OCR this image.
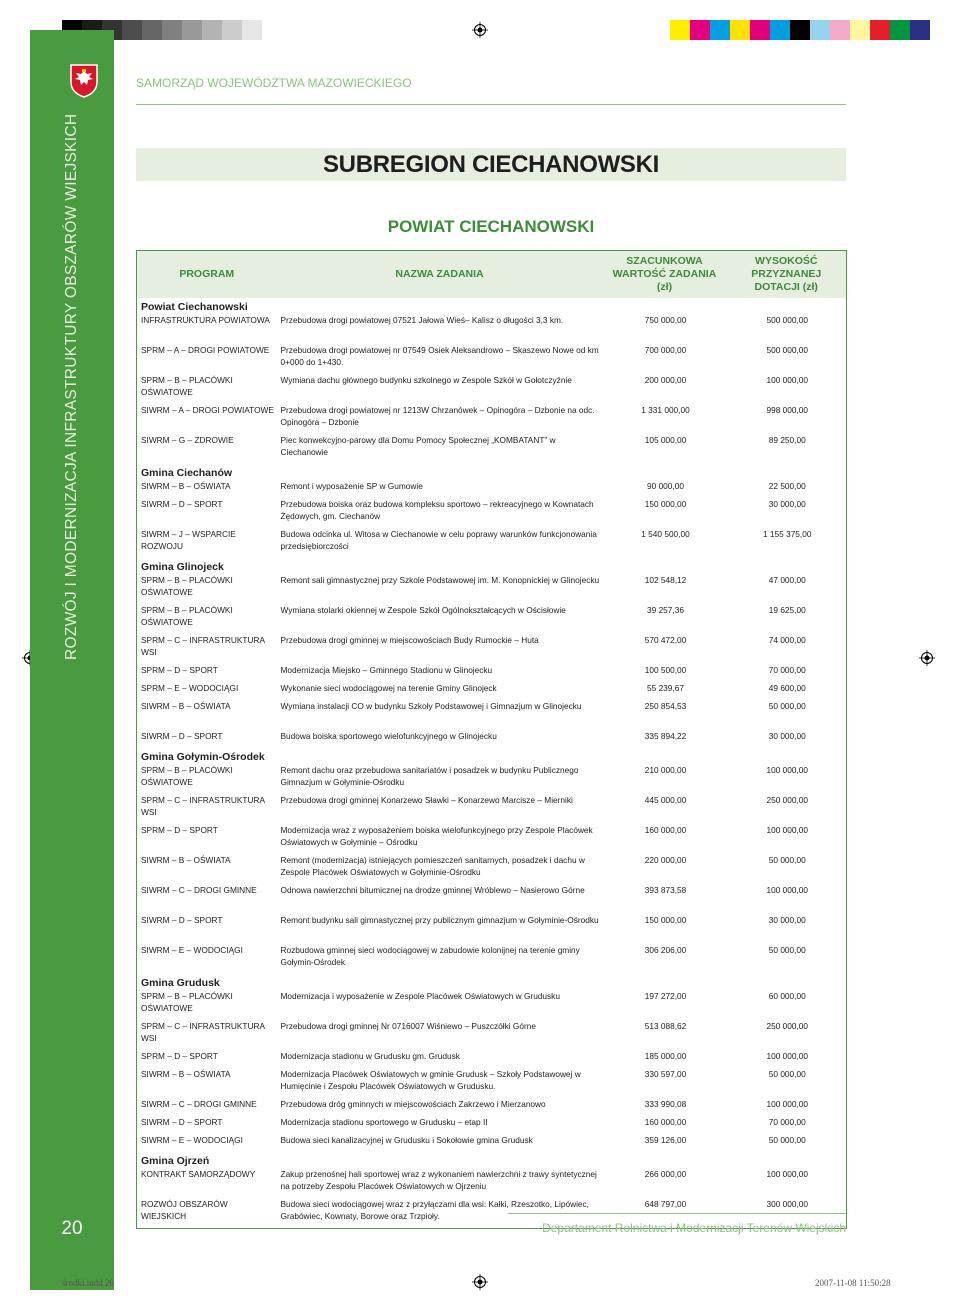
ROZWÓJ I MODERNIZACJA INFRASTRUKTURY OBSZARÓW WIEJSKICH
20
SAMORZĄD WOJEWÓDZTWA MAZOWIECKIEGO
SUBREGION CIECHANOWSKI
POWIAT CIECHANOWSKI
PROGRAM	NAZWA ZADANIA	SZACUNKOWA WARTOŚĆ ZADANIA (zł)	WYSOKOŚĆ PRZYZNANEJ DOTACJI (zł)
Powiat Ciechanowski			
INFRASTRUKTURA POWIATOWA	Przebudowa drogi powiatowej 07521 Jałowa Wieś– Kalisz o długości 3,3 km.	750 000,00	500 000,00
SPRM – A – DROGI POWIATOWE	Przebudowa drogi powiatowej nr 07549 Osiek Aleksandrowo – Skaszewo Nowe od km 0+000 do 1+430.	700 000,00	500 000,00
SPRM – B – PLACÓWKI OŚWIATOWE	Wymiana dachu głównego budynku szkolnego w Zespole Szkół w Gołotczyźnie	200 000,00	100 000,00
SIWRM – A – DROGI POWIATOWE	Przebudowa drogi powiatowej nr 1213W Chrzanówek – Opinogóra – Dzbonie na odc. Opinogóra – Dzbonie	1 331 000,00	998 000,00
SIWRM – G – ZDROWIE	Piec konwekcyjno-parowy dla Domu Pomocy Społecznej „KOMBATANT” w Ciechanowie	105 000,00	89 250,00
Gmina Ciechanów			
SIWRM – B – OŚWIATA	Remont i wyposażenie SP w Gumowie	90 000,00	22 500,00
SIWRM – D – SPORT	Przebudowa boiska oraz budowa kompleksu sportowo – rekreacyjnego w Kownatach Żędowych, gm. Ciechanów	150 000,00	30 000,00
SIWRM – J – WSPARCIE ROZWOJU	Budowa odcinka ul. Witosa w Ciechanowie w celu poprawy warunków funkcjonowania przedsiębiorczości	1 540 500,00	1 155 375,00
Gmina Glinojeck			
SPRM – B – PLACÓWKI OŚWIATOWE	Remont sali gimnastycznej przy Szkole Podstawowej im. M. Konopnickiej w Glinojecku	102 548,12	47 000,00
SPRM – B – PLACÓWKI OŚWIATOWE	Wymiana stolarki okiennej w Zespole Szkół Ogólnokształcących w Ościsłowie	39 257,36	19 625,00
SPRM – C – INFRASTRUKTURA WSI	Przebudowa drogi gminnej w miejscowościach Budy Rumockie – Huta	570 472,00	74 000,00
SPRM – D – SPORT	Modernizacja Miejsko – Gminnego Stadionu w Glinojecku	100 500,00	70 000,00
SPRM – E – WODOCIĄGI	Wykonanie sieci wodociągowej na terenie Gminy Glinojeck	55 239,67	49 600,00
SIWRM – B – OŚWIATA	Wymiana instalacji CO w budynku Szkoły Podstawowej i Gimnazjum w Glinojecku	250 854,53	50 000,00
SIWRM – D – SPORT	Budowa boiska sportowego wielofunkcyjnego w Glinojecku	335 894,22	30 000,00
Gmina Gołymin-Ośrodek			
SPRM – B – PLACÓWKI OŚWIATOWE	Remont dachu oraz przebudowa sanitariatów i posadzek w budynku Publicznego Gimnazjum w Gołyminie-Ośrodku	210 000,00	100 000,00
SPRM – C – INFRASTRUKTURA WSI	Przebudowa drogi gminnej Konarzewo Sławki – Konarzewo Marcisze – Mierniki	445 000,00	250 000,00
SPRM – D – SPORT	Modernizacja wraz z wyposażeniem boiska wielofunkcyjnego przy Zespole Placówek Oświatowych w Gołyminie – Ośrodku	160 000,00	100 000,00
SIWRM – B – OŚWIATA	Remont (modernizacja) istniejących pomieszczeń sanitarnych, posadzek i dachu w Zespole Placówek Oświatowych w Gołyminie-Ośrodku	220 000,00	50 000,00
SIWRM – C – DROGI GMINNE	Odnowa nawierzchni bitumicznej na drodze gminnej Wróblewo – Nasierowo Górne	393 873,58	100 000,00
SIWRM – D – SPORT	Remont budynku sali gimnastycznej przy publicznym gimnazjum w Gołyminie-Ośrodku	150 000,00	30 000,00
SIWRM – E – WODOCIĄGI	Rozbudowa gminnej sieci wodociągowej w zabudowie kolonijnej na terenie gminy Gołymin-Ośrodek	306 206,00	50 000,00
Gmina Grudusk			
SPRM – B – PLACÓWKI OŚWIATOWE	Modernizacja i wyposażenie w Zespole Placówek Oświatowych w Grudusku	197 272,00	60 000,00
SPRM – C – INFRASTRUKTURA WSI	Przebudowa drogi gminnej Nr 0716007 Wiśniewo – Puszczółki Górne	513 088,62	250 000,00
SPRM – D – SPORT	Modernizacja stadionu w Grudusku gm. Grudusk	185 000,00	100 000,00
SIWRM – B – OŚWIATA	Modernizacja Placówek Oświatowych w gminie Grudusk – Szkoły Podstawowej w Humięcinie i Zespołu Placówek Oświatowych w Grudusku.	330 597,00	50 000,00
SIWRM – C – DROGI GMINNE	Przebudowa dróg gminnych w miejscowościach Zakrzewo i Mierzanowo	333 990,08	100 000,00
SIWRM – D – SPORT	Modernizacja stadionu sportowego w Grudusku – etap II	160 000,00	70 000,00
SIWRM – E – WODOCIĄGI	Budowa sieci kanalizacyjnej w Grudusku i Sokołowie gmina Grudusk	359 126,00	50 000,00
Gmina Ojrzeń			
KONTRAKT SAMORZĄDOWY	Zakup przenośnej hali sportowej wraz z wykonaniem nawierzchni z trawy syntetycznej na potrzeby Zespołu Placówek Oświatowych w Ojrzeniu	266 000,00	100 000,00
ROZWÓJ OBSZARÓW WIEJSKICH	Budowa sieci wodociągowej wraz z przyłączami dla wsi: Kałki, Rzeszotko, Lipówiec, Grabówiec, Kownaty, Borowe oraz Trzpioły.	648 797,00	300 000,00
Departament Rolnictwa i Modernizacji Terenów Wiejskich
środki.indd 20	2007-11-08 11:50:28
